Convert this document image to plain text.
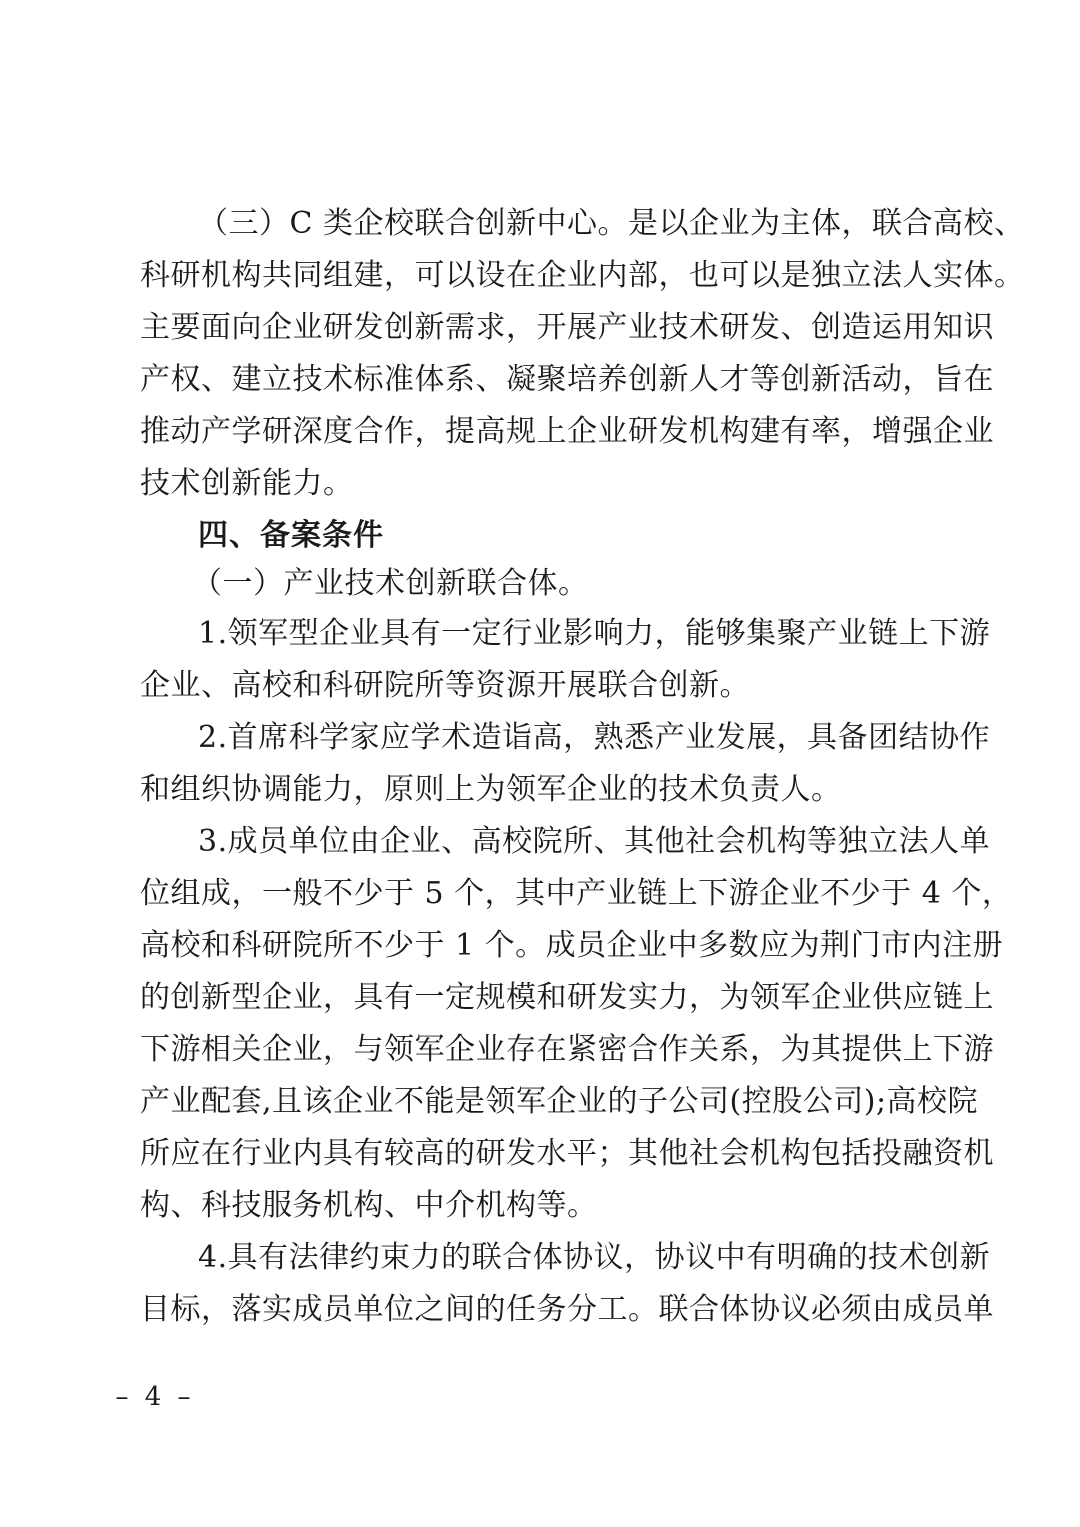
（三）C 类企校联合创新中心。是以企业为主体，联合高校、
科研机构共同组建，可以设在企业内部，也可以是独立法人实体。
主要面向企业研发创新需求，开展产业技术研发、创造运用知识
产权、建立技术标准体系、凝聚培养创新人才等创新活动，旨在
推动产学研深度合作，提高规上企业研发机构建有率，增强企业
技术创新能力。
四、备案条件
（一）产业技术创新联合体。
1.领军型企业具有一定行业影响力，能够集聚产业链上下游
企业、高校和科研院所等资源开展联合创新。
2.首席科学家应学术造诣高，熟悉产业发展，具备团结协作
和组织协调能力，原则上为领军企业的技术负责人。
3.成员单位由企业、高校院所、其他社会机构等独立法人单
位组成，一般不少于 5 个，其中产业链上下游企业不少于 4 个，
高校和科研院所不少于 1 个。成员企业中多数应为荆门市内注册
的创新型企业，具有一定规模和研发实力，为领军企业供应链上
下游相关企业，与领军企业存在紧密合作关系，为其提供上下游
产业配套,且该企业不能是领军企业的子公司(控股公司);高校院
所应在行业内具有较高的研发水平；其他社会机构包括投融资机
构、科技服务机构、中介机构等。
4.具有法律约束力的联合体协议，协议中有明确的技术创新
目标，落实成员单位之间的任务分工。联合体协议必须由成员单
– 4 –
